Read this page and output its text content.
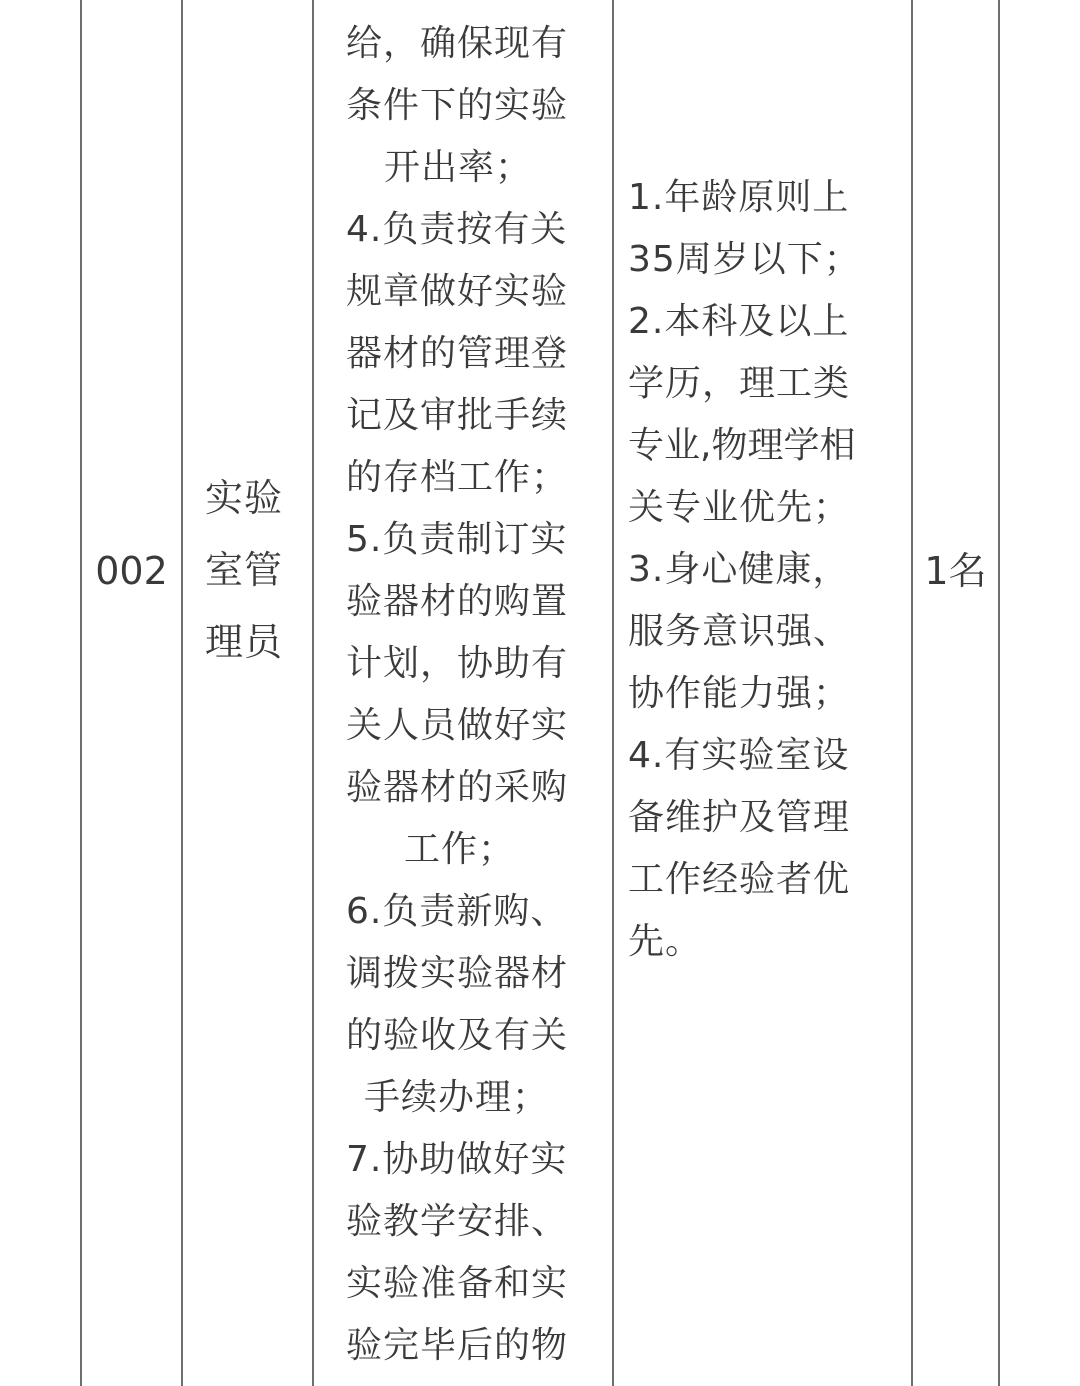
002
实验
室管
理员
给，确保现有
条件下的实验
开出率；
4.负责按有关
规章做好实验
器材的管理登
记及审批手续
的存档工作；
5.负责制订实
验器材的购置
计划，协助有
关人员做好实
验器材的采购
工作；
6.负责新购、
调拨实验器材
的验收及有关
手续办理；
7.协助做好实
验教学安排、
实验准备和实
验完毕后的物
1.年龄原则上
35周岁以下；
2.本科及以上
学历，理工类
专业,物理学相
关专业优先；
3.身心健康，
服务意识强、
协作能力强；
4.有实验室设
备维护及管理
工作经验者优
先。
1名
